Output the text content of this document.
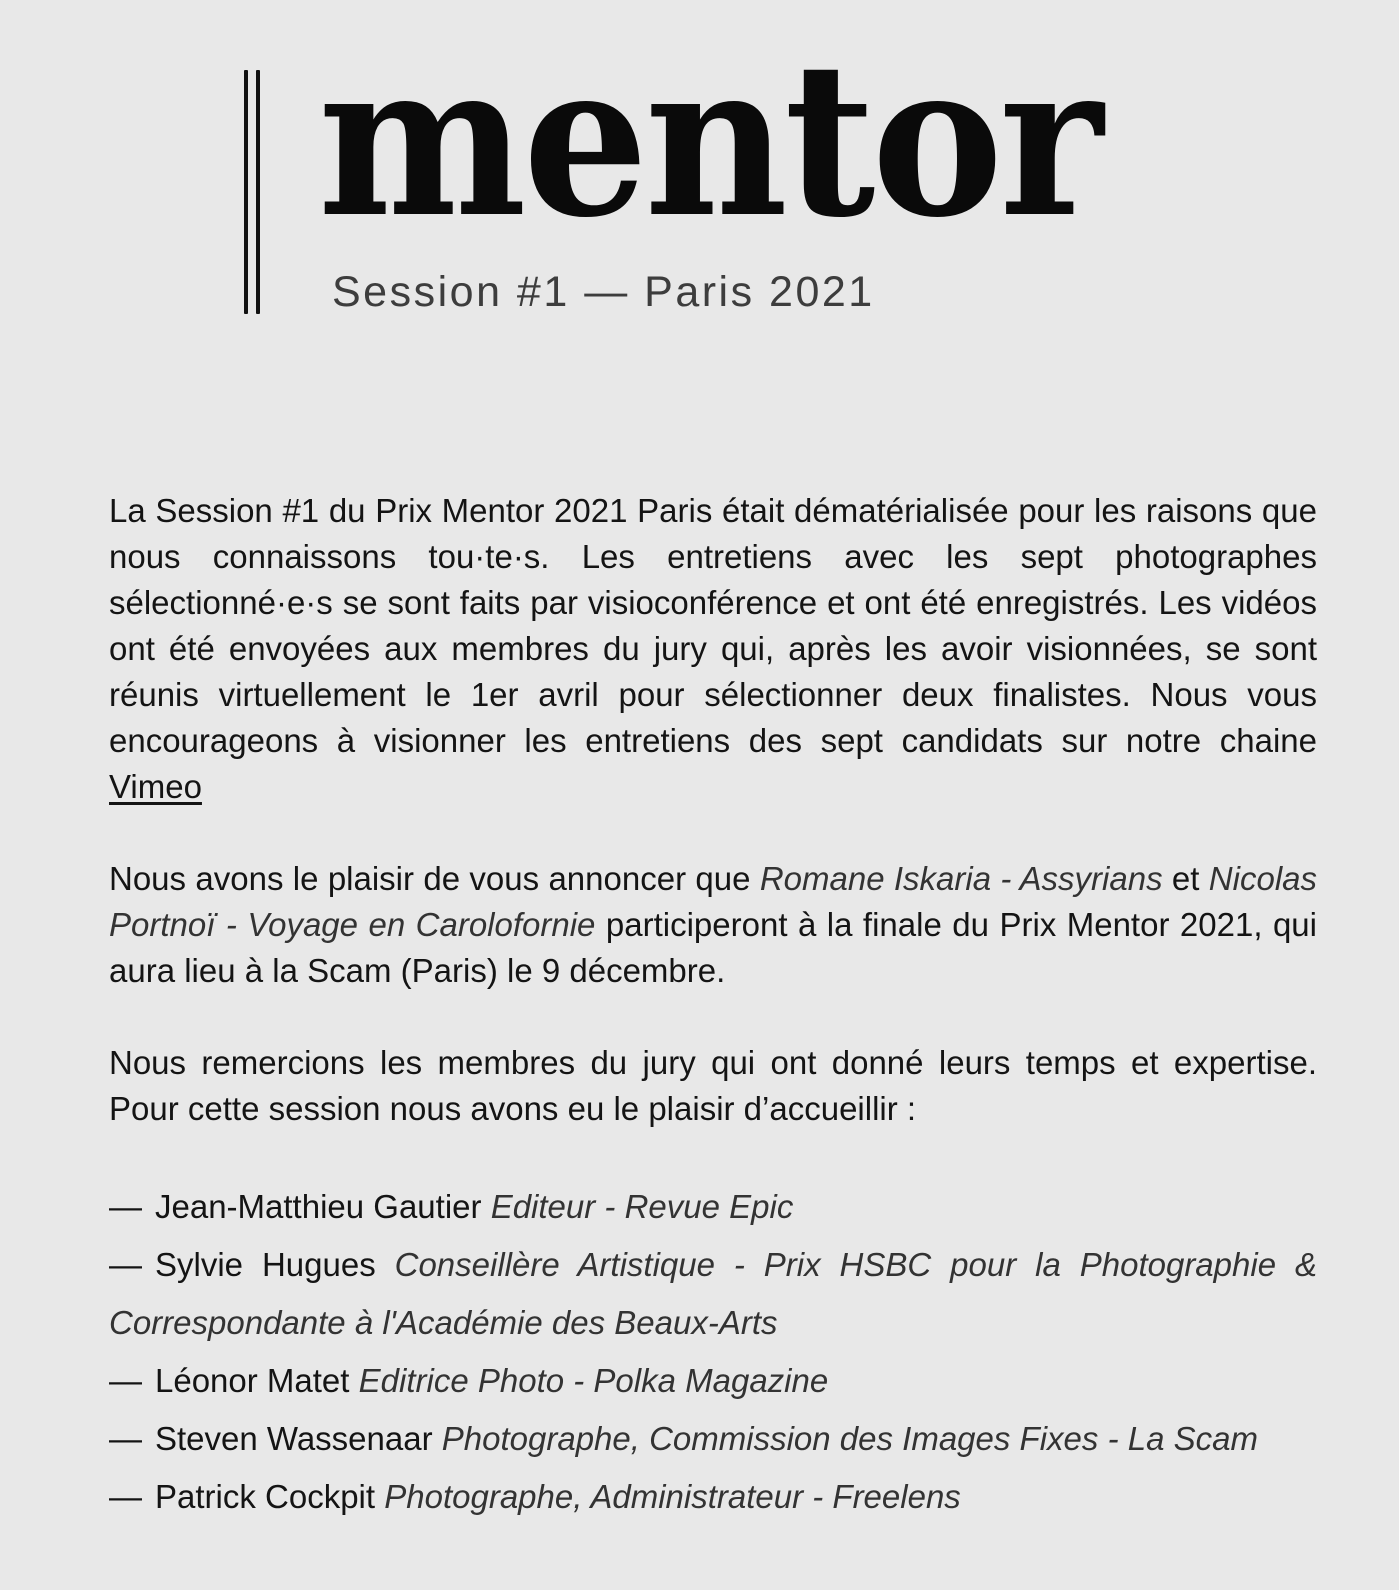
mentor
Session #1 — Paris 2021

La Session #1 du Prix Mentor 2021 Paris était dématérialisée pour les raisons que nous connaissons tou·te·s. Les entretiens avec les sept photographes sélectionné·e·s se sont faits par visioconférence et ont été enregistrés. Les vidéos ont été envoyées aux membres du jury qui, après les avoir visionnées, se sont réunis virtuellement le 1er avril pour sélectionner deux finalistes. Nous vous encourageons à visionner les entretiens des sept candidats sur notre chaine Vimeo

Nous avons le plaisir de vous annoncer que Romane Iskaria - Assyrians et Nicolas Portnoï - Voyage en Carolofornie participeront à la finale du Prix Mentor 2021, qui aura lieu à la Scam (Paris) le 9 décembre.

Nous remercions les membres du jury qui ont donné leurs temps et expertise. Pour cette session nous avons eu le plaisir d’accueillir :

— Jean-Matthieu Gautier Editeur - Revue Epic
— Sylvie Hugues Conseillère Artistique - Prix HSBC pour la Photographie & Correspondante à l'Académie des Beaux-Arts
— Léonor Matet Editrice Photo - Polka Magazine
— Steven Wassenaar Photographe, Commission des Images Fixes - La Scam
— Patrick Cockpit Photographe, Administrateur - Freelens
